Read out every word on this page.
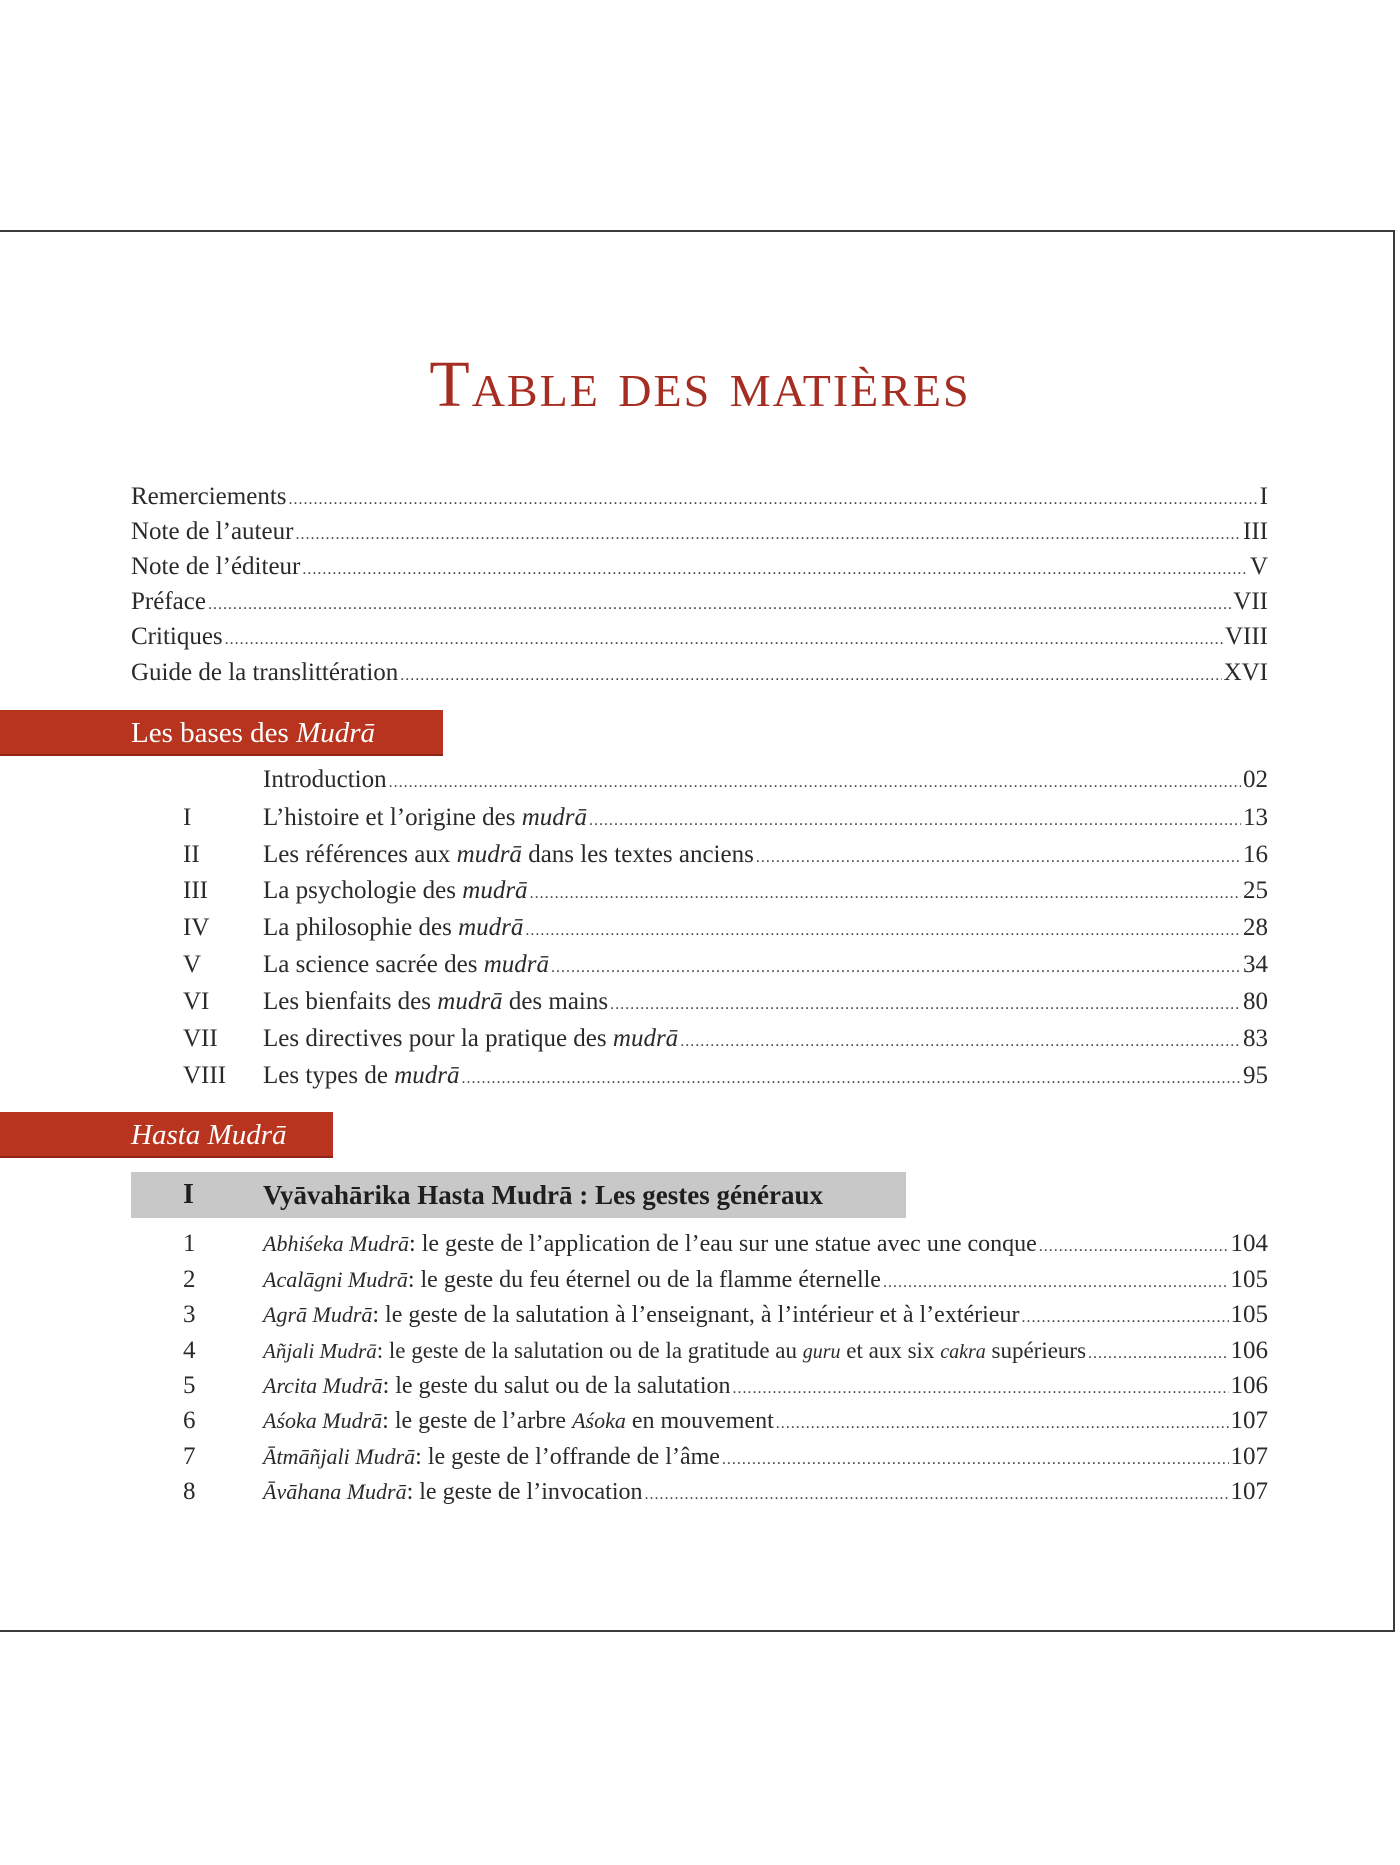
Table des matières
Remerciements .....	I
Note de l’auteur .....	III
Note de l’éditeur .....	V
Préface .....	VII
Critiques .....	VIII
Guide de la translittération .....	XVI
Les bases des Mudrā
Introduction .....	02
I	L’histoire et l’origine des mudrā .....	13
II	Les références aux mudrā dans les textes anciens .....	16
III	La psychologie des mudrā .....	25
IV	La philosophie des mudrā .....	28
V	La science sacrée des mudrā .....	34
VI	Les bienfaits des mudrā des mains .....	80
VII	Les directives pour la pratique des mudrā .....	83
VIII	Les types de mudrā .....	95
Hasta Mudrā
I	Vyāvahārika Hasta Mudrā : Les gestes généraux
1	Abhiśeka Mudrā: le geste de l’application de l’eau sur une statue avec une conque .....	104
2	Acalāgni Mudrā: le geste du feu éternel ou de la flamme éternelle .....	105
3	Agrā Mudrā: le geste de la salutation à l’enseignant, à l’intérieur et à l’extérieur .....	105
4	Añjali Mudrā: le geste de la salutation ou de la gratitude au guru et aux six cakra supérieurs .....	106
5	Arcita Mudrā: le geste du salut ou de la salutation .....	106
6	Aśoka Mudrā: le geste de l’arbre Aśoka en mouvement .....	107
7	Ātmāñjali Mudrā: le geste de l’offrande de l’âme .....	107
8	Āvāhana Mudrā: le geste de l’invocation .....	107
